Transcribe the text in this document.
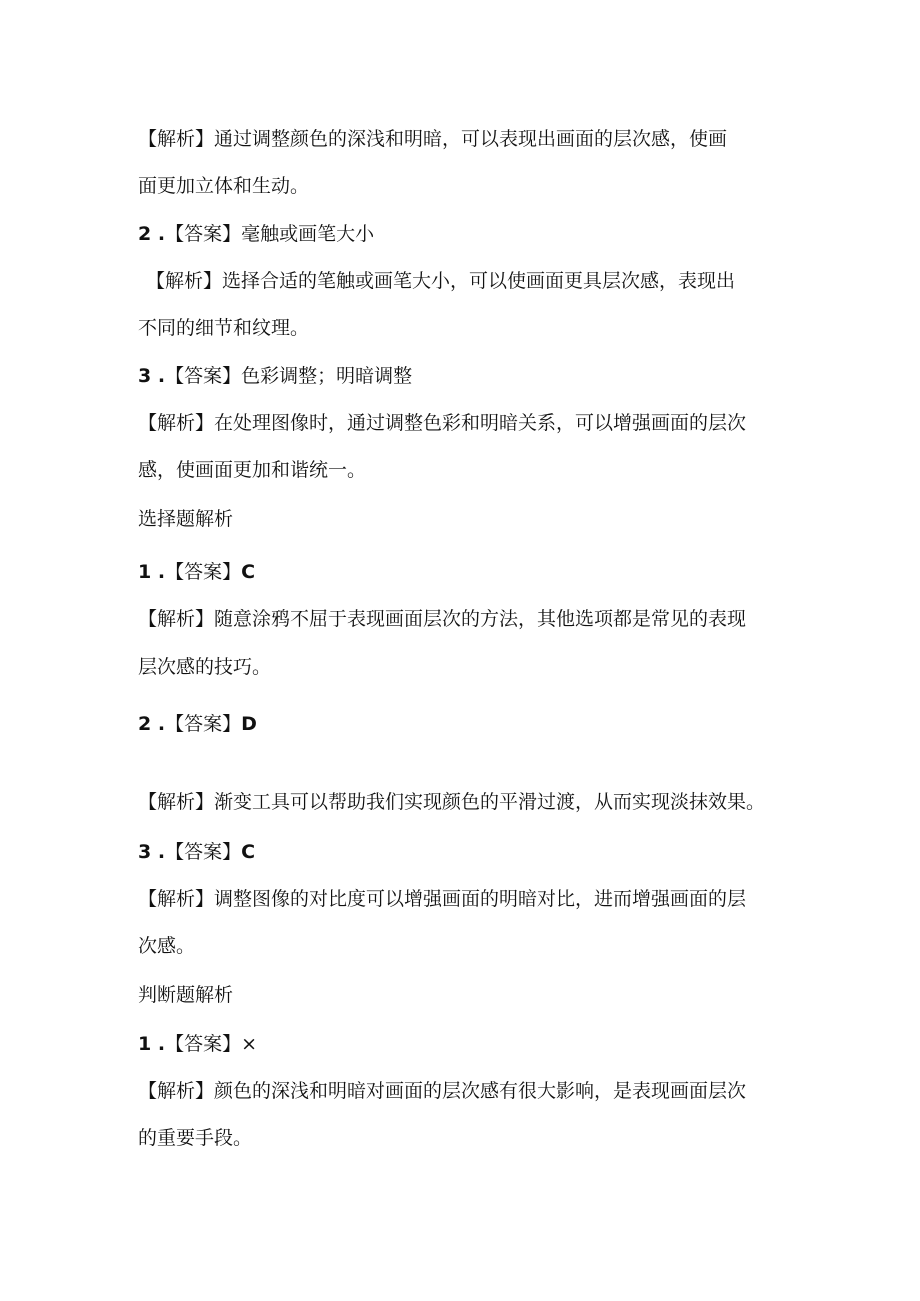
【解析】通过调整颜色的深浅和明暗，可以表现出画面的层次感，使画

面更加立体和生动。

2 .【答案】毫触或画笔大小

【解析】选择合适的笔触或画笔大小，可以使画面更具层次感，表现出

不同的细节和纹理。

3 .【答案】色彩调整；明暗调整

【解析】在处理图像时，通过调整色彩和明暗关系，可以增强画面的层次

感，使画面更加和谐统一。

选择题解析

1 .【答案】C

【解析】随意涂鸦不屈于表现画面层次的方法，其他选项都是常见的表现

层次感的技巧。

2 .【答案】D

【解析】渐变工具可以帮助我们实现颜色的平滑过渡，从而实现淡抹效果。

3 .【答案】C

【解析】调整图像的对比度可以增强画面的明暗对比，进而增强画面的层

次感。

判断题解析

1 .【答案】×

【解析】颜色的深浅和明暗对画面的层次感有很大影响，是表现画面层次

的重要手段。
